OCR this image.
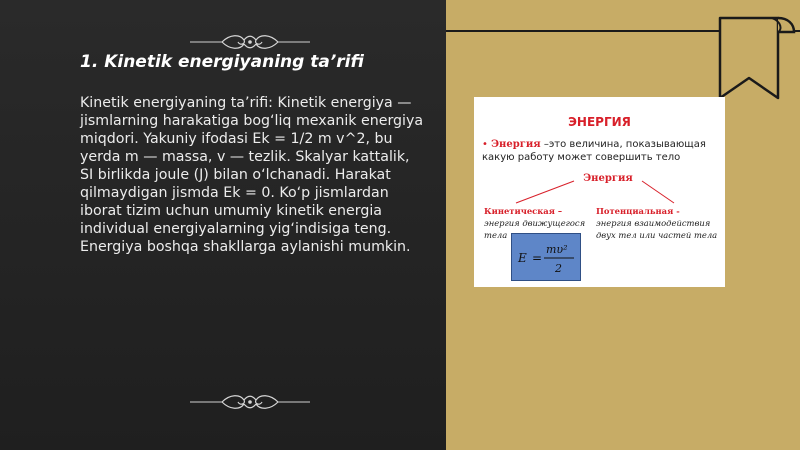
1. Kinetik energiyaning ta’rifi

Kinetik energiyaning ta’rifi: Kinetik energiya — jismlarning harakatiga bog‘liq mexanik energiya miqdori. Yakuniy ifodasi Ek = 1/2 m v^2, bu yerda m — massa, v — tezlik. Skalyar kattalik, SI birlikda joule (J) bilan o‘lchanadi. Harakat qilmaydigan jismda Ek = 0. Ko‘p jismlardan iborat tizim uchun umumiy kinetik energia individual energiyalarning yig‘indisiga teng. Energiya boshqa shakllarga aylanishi mumkin.

ЭНЕРГИЯ
• Энергия –это величина, показывающая какую работу может совершить тело
Энергия
Кинетическая –
энергия движущегося тела
Потенциальная -
энергия взаимодействия двух тел или частей тела
E =
mυ²
2
